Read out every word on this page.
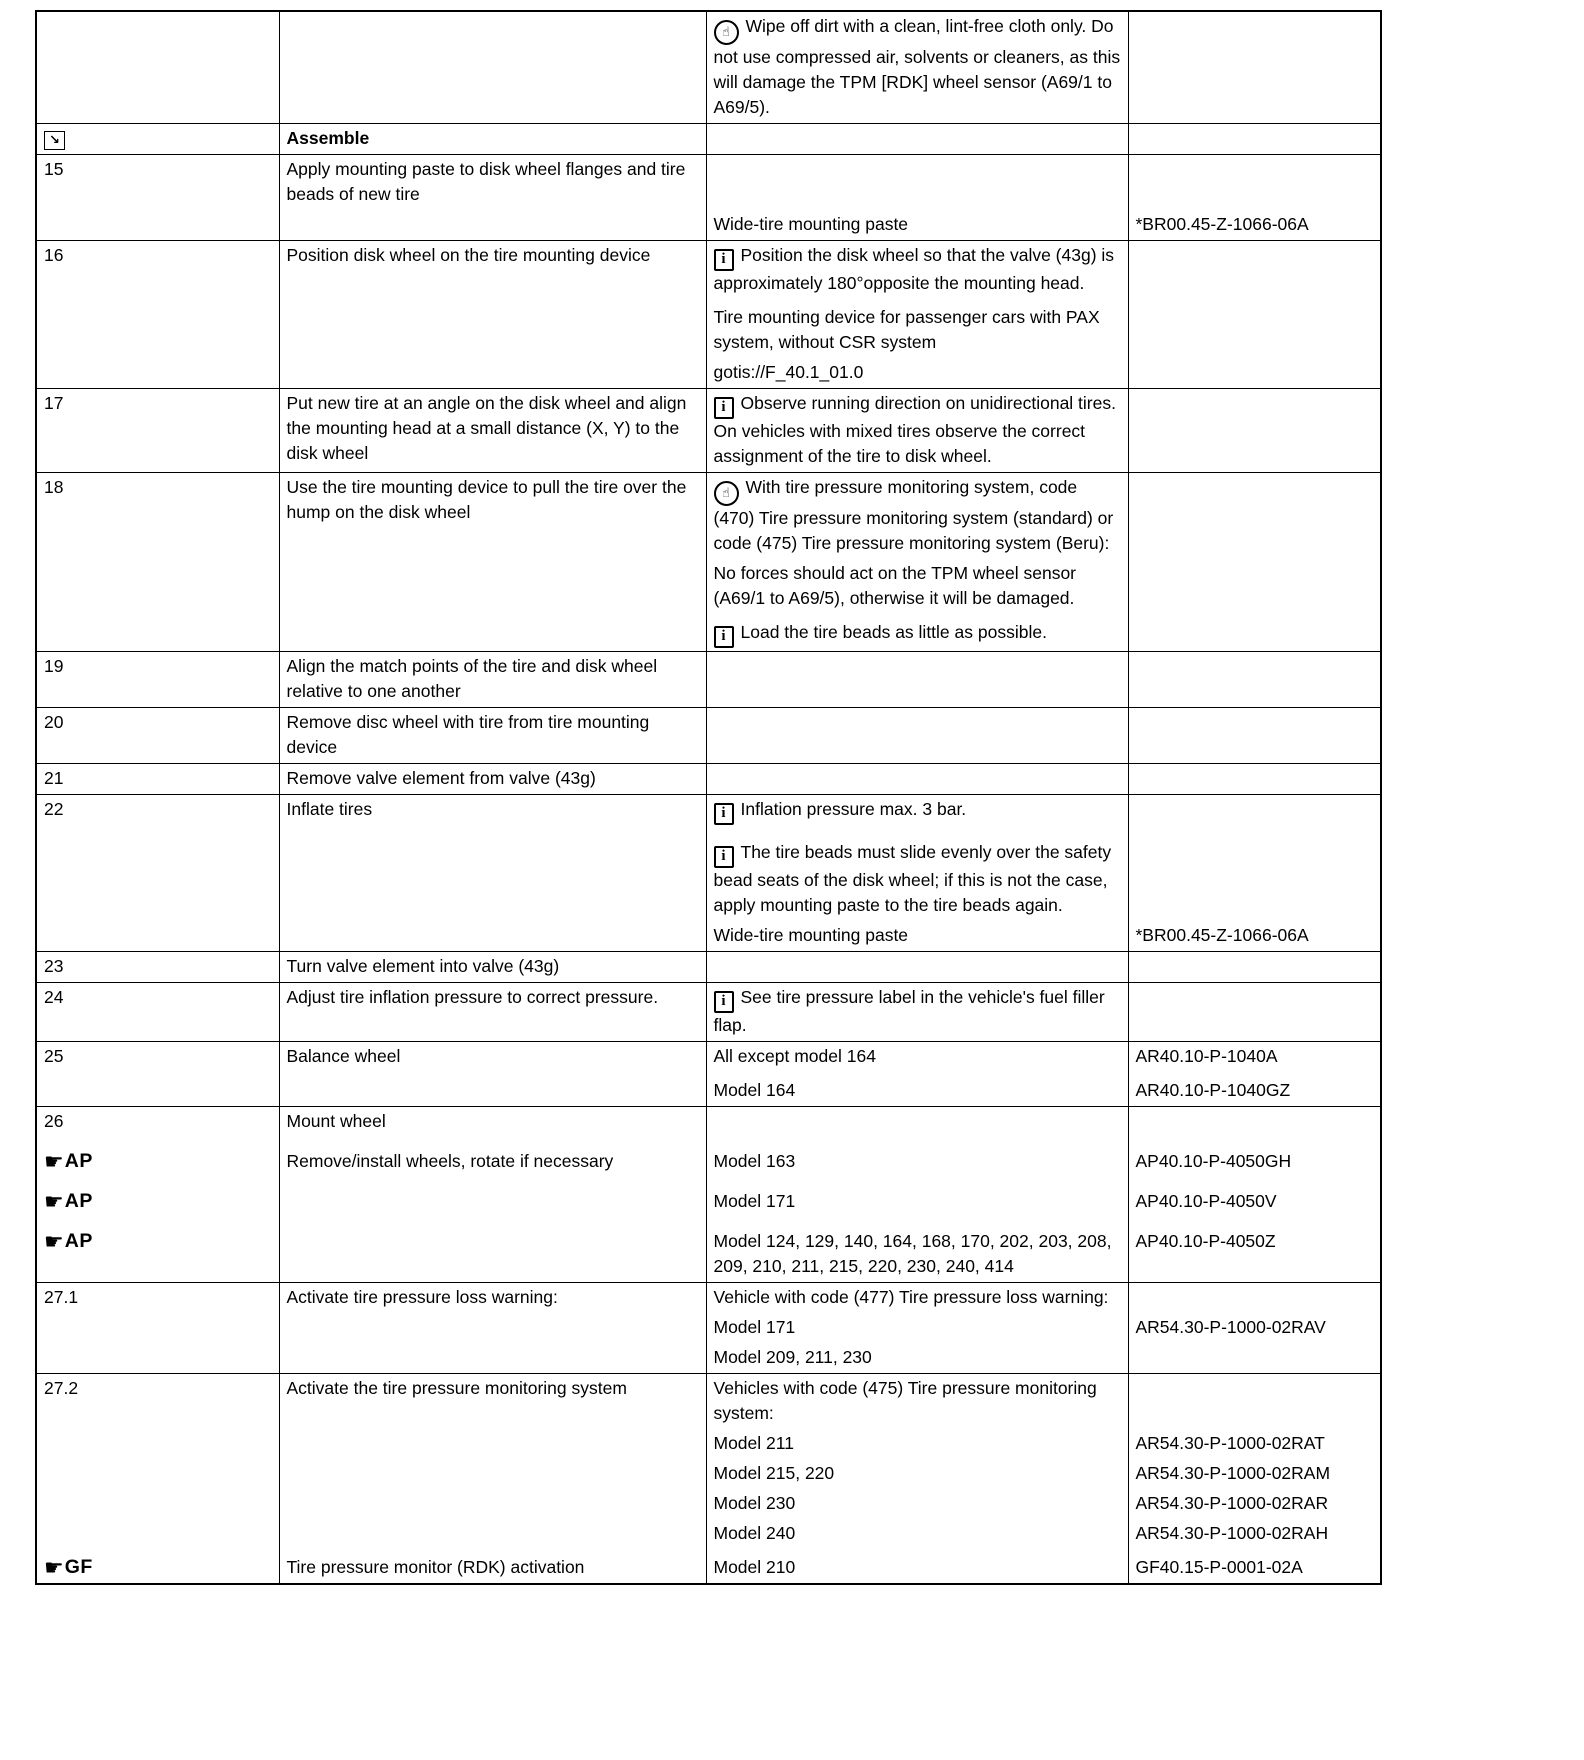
		☝ Wipe off dirt with a clean, lint-free cloth only. Do not use compressed air, solvents or cleaners, as this will damage the TPM [RDK] wheel sensor (A69/1 to A69/5).	
↘	Assemble		
15	Apply mounting paste to disk wheel flanges and tire beads of new tire		
		Wide-tire mounting paste	*BR00.45-Z-1066-06A
16	Position disk wheel on the tire mounting device	i Position the disk wheel so that the valve (43g) is approximately 180°opposite the mounting head.	
		Tire mounting device for passenger cars with PAX system, without CSR system	
		gotis://F_40.1_01.0	
17	Put new tire at an angle on the disk wheel and align the mounting head at a small distance (X, Y) to the disk wheel	i Observe running direction on unidirectional tires. On vehicles with mixed tires observe the correct assignment of the tire to disk wheel.	
18	Use the tire mounting device to pull the tire over the hump on the disk wheel	☝ With tire pressure monitoring system, code (470) Tire pressure monitoring system (standard) or code (475) Tire pressure monitoring system (Beru):	
		No forces should act on the TPM wheel sensor (A69/1 to A69/5), otherwise it will be damaged.	
		i Load the tire beads as little as possible.	
19	Align the match points of the tire and disk wheel relative to one another		
20	Remove disc wheel with tire from tire mounting device		
21	Remove valve element from valve (43g)		
22	Inflate tires	i Inflation pressure max. 3 bar.	
		i The tire beads must slide evenly over the safety bead seats of the disk wheel; if this is not the case, apply mounting paste to the tire beads again.	
		Wide-tire mounting paste	*BR00.45-Z-1066-06A
23	Turn valve element into valve (43g)		
24	Adjust tire inflation pressure to correct pressure.	i See tire pressure label in the vehicle's fuel filler flap.	
25	Balance wheel	All except model 164	AR40.10-P-1040A
		Model 164	AR40.10-P-1040GZ
26	Mount wheel		
☛AP	Remove/install wheels, rotate if necessary	Model 163	AP40.10-P-4050GH
☛AP		Model 171	AP40.10-P-4050V
☛AP		Model 124, 129, 140, 164, 168, 170, 202, 203, 208, 209, 210, 211, 215, 220, 230, 240, 414	AP40.10-P-4050Z
27.1	Activate tire pressure loss warning:	Vehicle with code (477) Tire pressure loss warning:	
		Model 171	AR54.30-P-1000-02RAV
		Model 209, 211, 230	
27.2	Activate the tire pressure monitoring system	Vehicles with code (475) Tire pressure monitoring system:	
		Model 211	AR54.30-P-1000-02RAT
		Model 215, 220	AR54.30-P-1000-02RAM
		Model 230	AR54.30-P-1000-02RAR
		Model 240	AR54.30-P-1000-02RAH
☛GF	Tire pressure monitor (RDK) activation	Model 210	GF40.15-P-0001-02A
